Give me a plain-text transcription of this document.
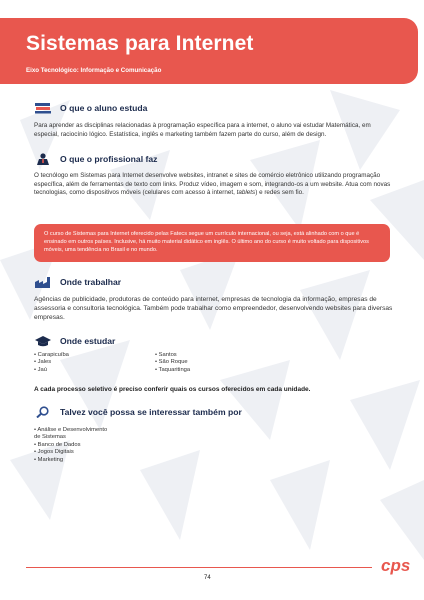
Sistemas para Internet
Eixo Tecnológico: Informação e Comunicação
O que o aluno estuda

Para aprender as disciplinas relacionadas à programação específica para a internet, o aluno vai estudar Matemática, em especial, raciocínio lógico. Estatística, inglês e marketing também fazem parte do curso, além de design.

O que o profissional faz

O tecnólogo em Sistemas para Internet desenvolve websites, intranet e sites de comércio eletrônico utilizando programação específica, além de ferramentas de texto com links. Produz vídeo, imagem e som, integrando-os a um website. Atua com novas tecnologias, como dispositivos móveis (celulares com acesso à internet, tablets) e redes sem fio.

O curso de Sistemas para Internet oferecido pelas Fatecs segue um currículo internacional, ou seja, está alinhado com o que é ensinado em outros países. Inclusive, há muito material didático em inglês. O último ano do curso é muito voltado para dispositivos móveis, uma tendência no Brasil e no mundo.
Onde trabalhar

Agências de publicidade, produtoras de conteúdo para internet, empresas de tecnologia da informação, empresas de assessoria e consultoria tecnológica. Também pode trabalhar como empreendedor, desenvolvendo websites para diversas empresas.

Onde estudar
• Carapicuíba
• Jales
• Jaú
• Santos
• São Roque
• Taquaritinga
A cada processo seletivo é preciso conferir quais os cursos oferecidos em cada unidade.
Talvez você possa se interessar também por
• Análise e Desenvolvimento
de Sistemas
• Banco de Dados
• Jogos Digitais
• Marketing
cps
74
